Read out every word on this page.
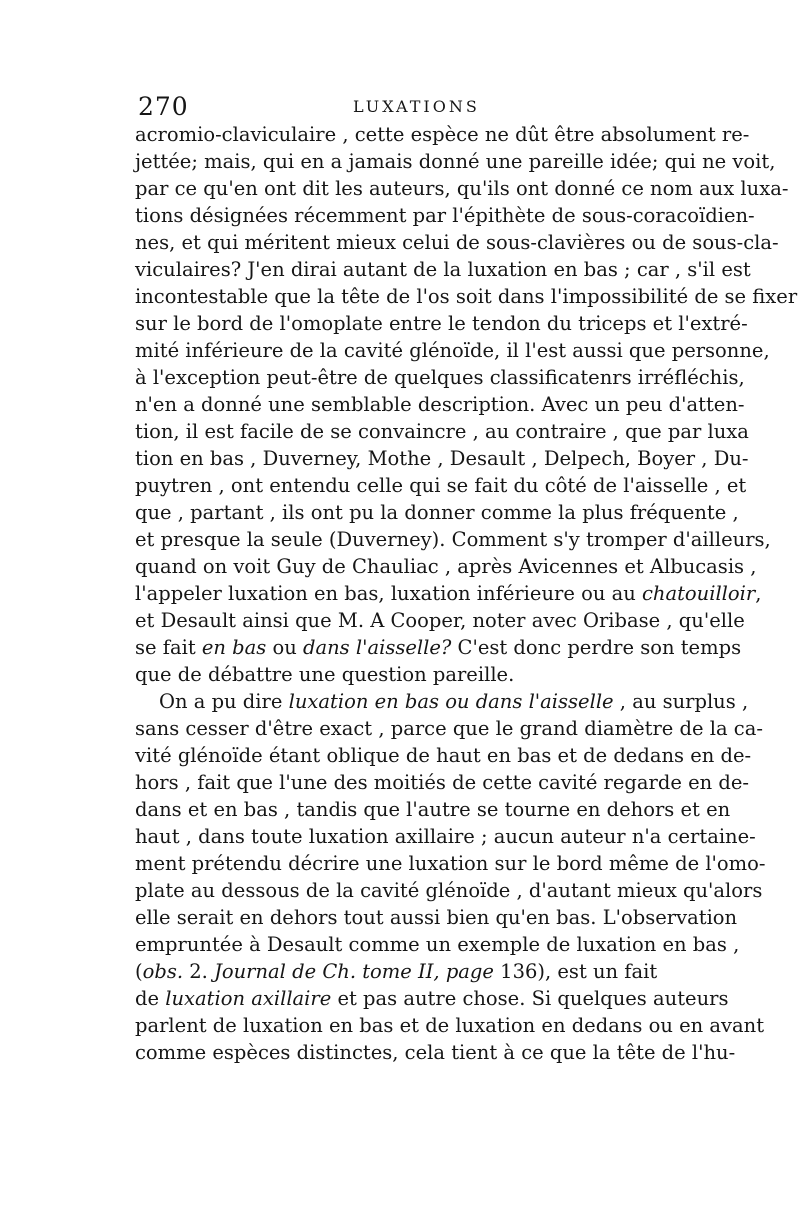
270	LUXATIONS
acromio-claviculaire , cette espèce ne dût être absolument re-
jettée; mais, qui en a jamais donné une pareille idée; qui ne voit,
par ce qu'en ont dit les auteurs, qu'ils ont donné ce nom aux luxa-
tions désignées récemment par l'épithète de sous-coracoïdien-
nes, et qui méritent mieux celui de sous-clavières ou de sous-cla-
viculaires? J'en dirai autant de la luxation en bas ; car , s'il est
incontestable que la tête de l'os soit dans l'impossibilité de se fixer
sur le bord de l'omoplate entre le tendon du triceps et l'extré-
mité inférieure de la cavité glénoïde, il l'est aussi que personne,
à l'exception peut-être de quelques classificatenrs irréfléchis,
n'en a donné une semblable description. Avec un peu d'atten-
tion, il est facile de se convaincre , au contraire , que par luxa
tion en bas , Duverney, Mothe , Desault , Delpech, Boyer , Du-
puytren , ont entendu celle qui se fait du côté de l'aisselle , et
que , partant , ils ont pu la donner comme la plus fréquente ,
et presque la seule (Duverney). Comment s'y tromper d'ailleurs,
quand on voit Guy de Chauliac , après Avicennes et Albucasis ,
l'appeler luxation en bas, luxation inférieure ou au chatouilloir,
et Desault ainsi que M. A Cooper, noter avec Oribase , qu'elle
se fait en bas ou dans l'aisselle? C'est donc perdre son temps
que de débattre une question pareille.
On a pu dire luxation en bas ou dans l'aisselle , au surplus ,
sans cesser d'être exact , parce que le grand diamètre de la ca-
vité glénoïde étant oblique de haut en bas et de dedans en de-
hors , fait que l'une des moitiés de cette cavité regarde en de-
dans et en bas , tandis que l'autre se tourne en dehors et en
haut , dans toute luxation axillaire ; aucun auteur n'a certaine-
ment prétendu décrire une luxation sur le bord même de l'omo-
plate au dessous de la cavité glénoïde , d'autant mieux qu'alors
elle serait en dehors tout aussi bien qu'en bas. L'observation
empruntée à Desault comme un exemple de luxation en bas ,
(obs. 2. Journal de Ch. tome II, page 136), est un fait
de luxation axillaire et pas autre chose. Si quelques auteurs
parlent de luxation en bas et de luxation en dedans ou en avant
comme espèces distinctes, cela tient à ce que la tête de l'hu-
